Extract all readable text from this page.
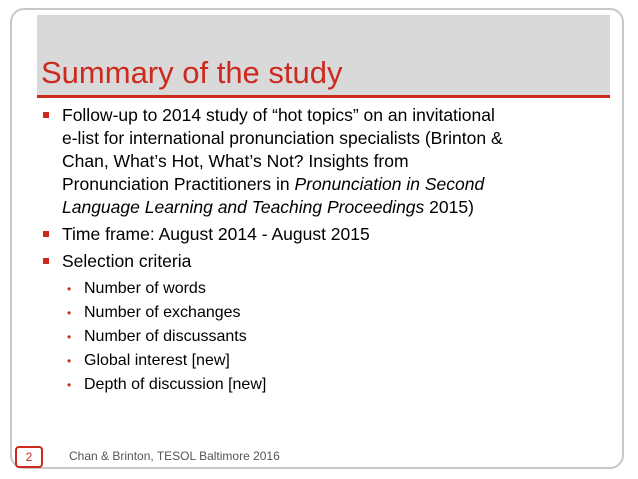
Summary of the study
Follow-up to 2014 study of “hot topics” on an invitational
e-list for international pronunciation specialists (Brinton &
Chan, What’s Hot, What’s Not? Insights from
Pronunciation Practitioners in Pronunciation in Second
Language Learning and Teaching Proceedings 2015)
Time frame: August 2014 - August 2015
Selection criteria
• Number of words
• Number of exchanges
• Number of discussants
• Global interest [new]
• Depth of discussion [new]
2	Chan & Brinton, TESOL Baltimore 2016
